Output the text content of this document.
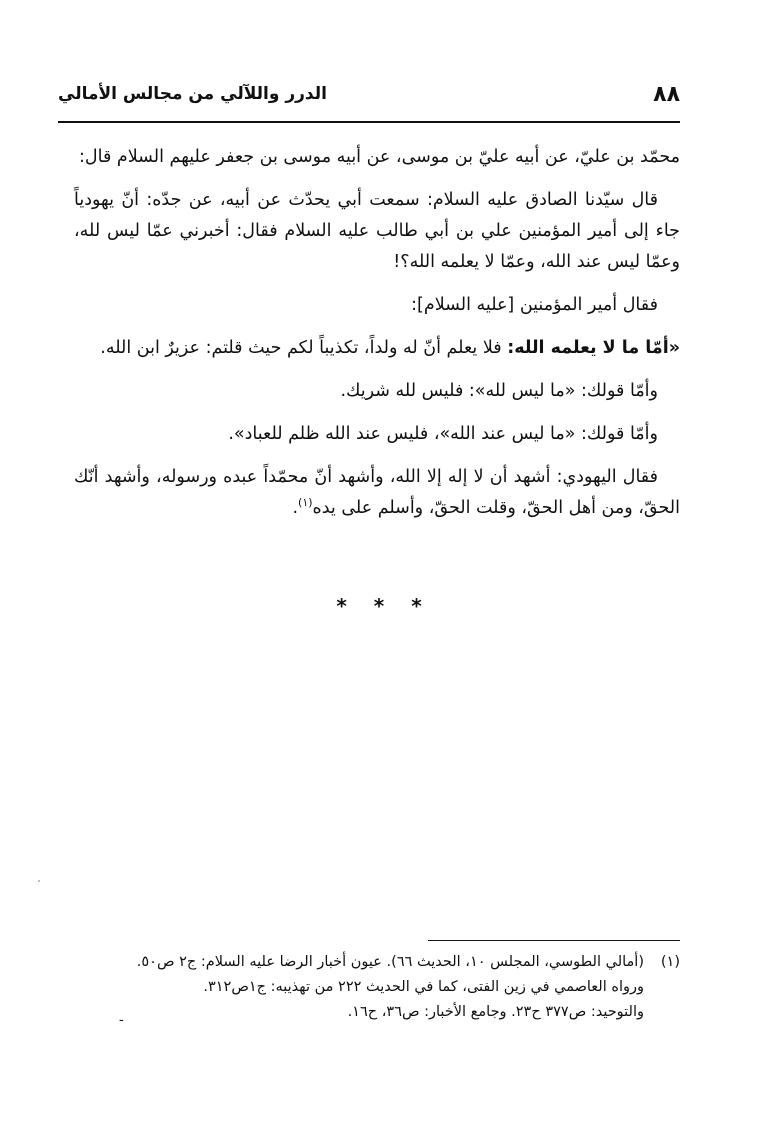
٨٨
الدرر واللآلي من مجالس الأمالي

محمّد بن عليّ، عن أبيه عليّ بن موسى، عن أبيه موسى بن جعفر عليهم السلام قال:

قال سيّدنا الصادق عليه السلام: سمعت أبي يحدّث عن أبيه، عن جدّه: أنّ يهودياً جاء إلى أمير المؤمنين علي بن أبي طالب عليه السلام فقال: أخبرني عمّا ليس لله، وعمّا ليس عند الله، وعمّا لا يعلمه الله؟!

فقال أمير المؤمنين [عليه السلام]:

«أمّا ما لا يعلمه الله: فلا يعلم أنّ له ولداً، تكذيباً لكم حيث قلتم: عزيرٌ ابن الله.

وأمّا قولك: «ما ليس لله»: فليس لله شريك.

وأمّا قولك: «ما ليس عند الله»، فليس عند الله ظلم للعباد».

فقال اليهودي: أشهد أن لا إله إلا الله، وأشهد أنّ محمّداً عبده ورسوله، وأشهد أنّك الحقّ، ومن أهل الحقّ، وقلت الحقّ، وأسلم على يده$^{(١)}$.

* * *

(١)(أمالي الطوسي، المجلس ١٠، الحديث ٦٦). عيون أخبار الرضا عليه السلام: ج٢ ص٥٠.

ورواه العاصمي في زين الفتى، كما في الحديث ٢٢٢ من تهذيبه: ج١ص٣١٢.

والتوحيد: ص٣٧٧ ح٢٣. وجامع الأخبار: ص٣٦، ح١٦.

-
